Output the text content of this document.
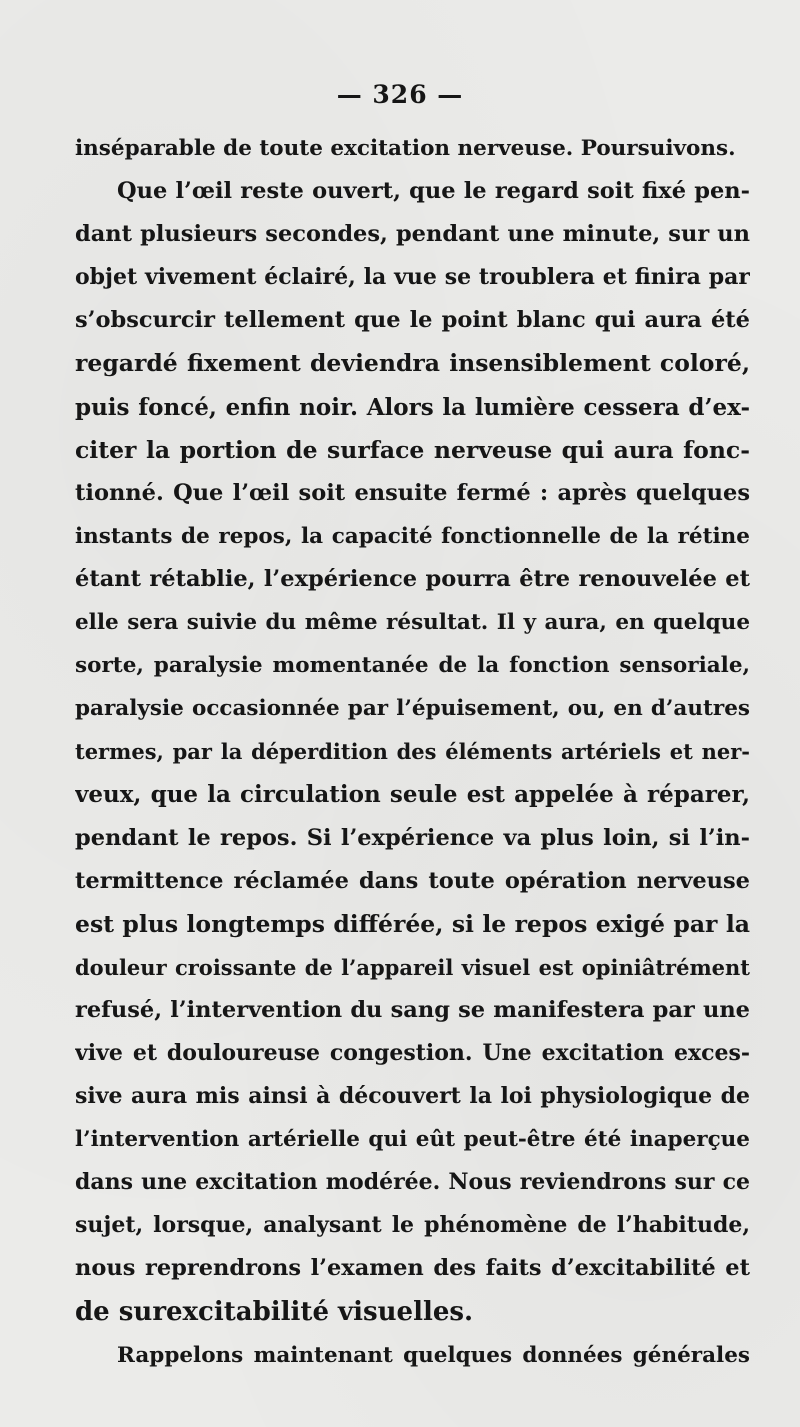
— 326 —
inséparable de toute excitation nerveuse. Poursuivons.
Que l’œil reste ouvert, que le regard soit fixé pen-
dant plusieurs secondes, pendant une minute, sur un
objet vivement éclairé, la vue se troublera et finira par
s’obscurcir tellement que le point blanc qui aura été
regardé fixement deviendra insensiblement coloré,
puis foncé, enfin noir. Alors la lumière cessera d’ex-
citer la portion de surface nerveuse qui aura fonc-
tionné. Que l’œil soit ensuite fermé : après quelques
instants de repos, la capacité fonctionnelle de la rétine
étant rétablie, l’expérience pourra être renouvelée et
elle sera suivie du même résultat. Il y aura, en quelque
sorte, paralysie momentanée de la fonction sensoriale,
paralysie occasionnée par l’épuisement, ou, en d’autres
termes, par la déperdition des éléments artériels et ner-
veux, que la circulation seule est appelée à réparer,
pendant le repos. Si l’expérience va plus loin, si l’in-
termittence réclamée dans toute opération nerveuse
est plus longtemps différée, si le repos exigé par la
douleur croissante de l’appareil visuel est opiniâtrément
refusé, l’intervention du sang se manifestera par une
vive et douloureuse congestion. Une excitation exces-
sive aura mis ainsi à découvert la loi physiologique de
l’intervention artérielle qui eût peut-être été inaperçue
dans une excitation modérée. Nous reviendrons sur ce
sujet, lorsque, analysant le phénomène de l’habitude,
nous reprendrons l’examen des faits d’excitabilité et
de surexcitabilité visuelles.
Rappelons maintenant quelques données générales
